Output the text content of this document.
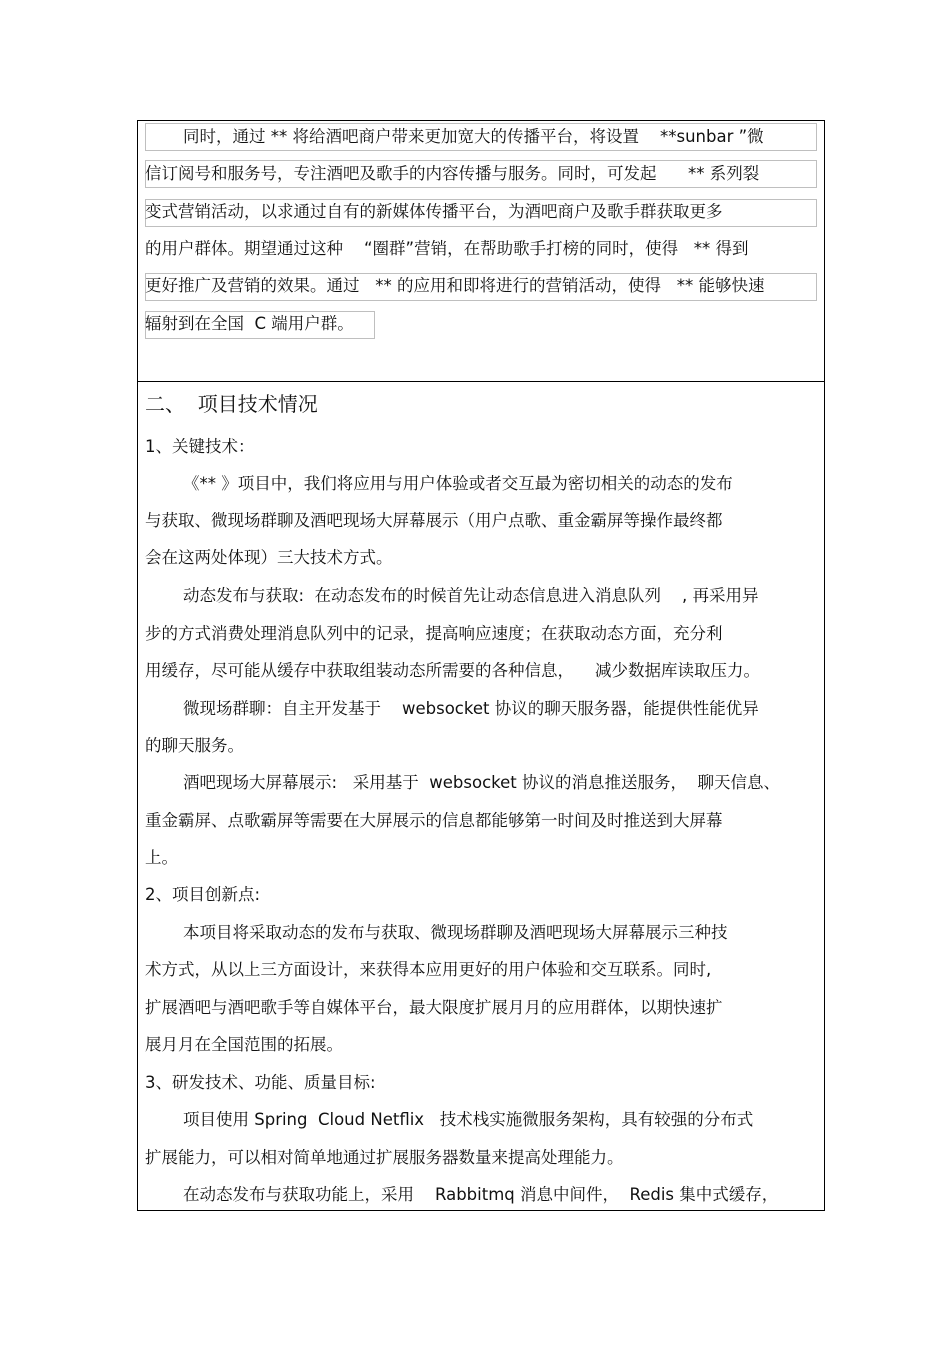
同时，通过 ** 将给酒吧商户带来更加宽大的传播平台，将设置    **sunbar ”微
信订阅号和服务号，专注酒吧及歌手的内容传播与服务。同时，可发起      ** 系列裂
变式营销活动，以求通过自有的新媒体传播平台，为酒吧商户及歌手群获取更多
的用户群体。期望通过这种    “圈群”营销，在帮助歌手打榜的同时，使得   ** 得到
更好推广及营销的效果。通过   ** 的应用和即将进行的营销活动，使得   ** 能够快速
辐射到在全国  C 端用户群。
二、  项目技术情况
1、关键技术：
《** 》项目中，我们将应用与用户体验或者交互最为密切相关的动态的发布
与获取、微现场群聊及酒吧现场大屏幕展示（用户点歌、重金霸屏等操作最终都
会在这两处体现）三大技术方式。
动态发布与获取:  在动态发布的时候首先让动态信息进入消息队列    , 再采用异
步的方式消费处理消息队列中的记录，提高响应速度；在获取动态方面，充分利
用缓存，尽可能从缓存中获取组装动态所需要的各种信息，    减少数据库读取压力。
微现场群聊：自主开发基于    websocket 协议的聊天服务器，能提供性能优异
的聊天服务。
酒吧现场大屏幕展示:   采用基于  websocket 协议的消息推送服务，  聊天信息、
重金霸屏、点歌霸屏等需要在大屏展示的信息都能够第一时间及时推送到大屏幕
上。
2、项目创新点:
本项目将采取动态的发布与获取、微现场群聊及酒吧现场大屏幕展示三种技
术方式，从以上三方面设计，来获得本应用更好的用户体验和交互联系。同时,
扩展酒吧与酒吧歌手等自媒体平台，最大限度扩展月月的应用群体，以期快速扩
展月月在全国范围的拓展。
3、研发技术、功能、质量目标:
项目使用 Spring  Cloud Netflix   技术栈实施微服务架构，具有较强的分布式
扩展能力，可以相对简单地通过扩展服务器数量来提高处理能力。
在动态发布与获取功能上，采用    Rabbitmq 消息中间件，  Redis 集中式缓存，
